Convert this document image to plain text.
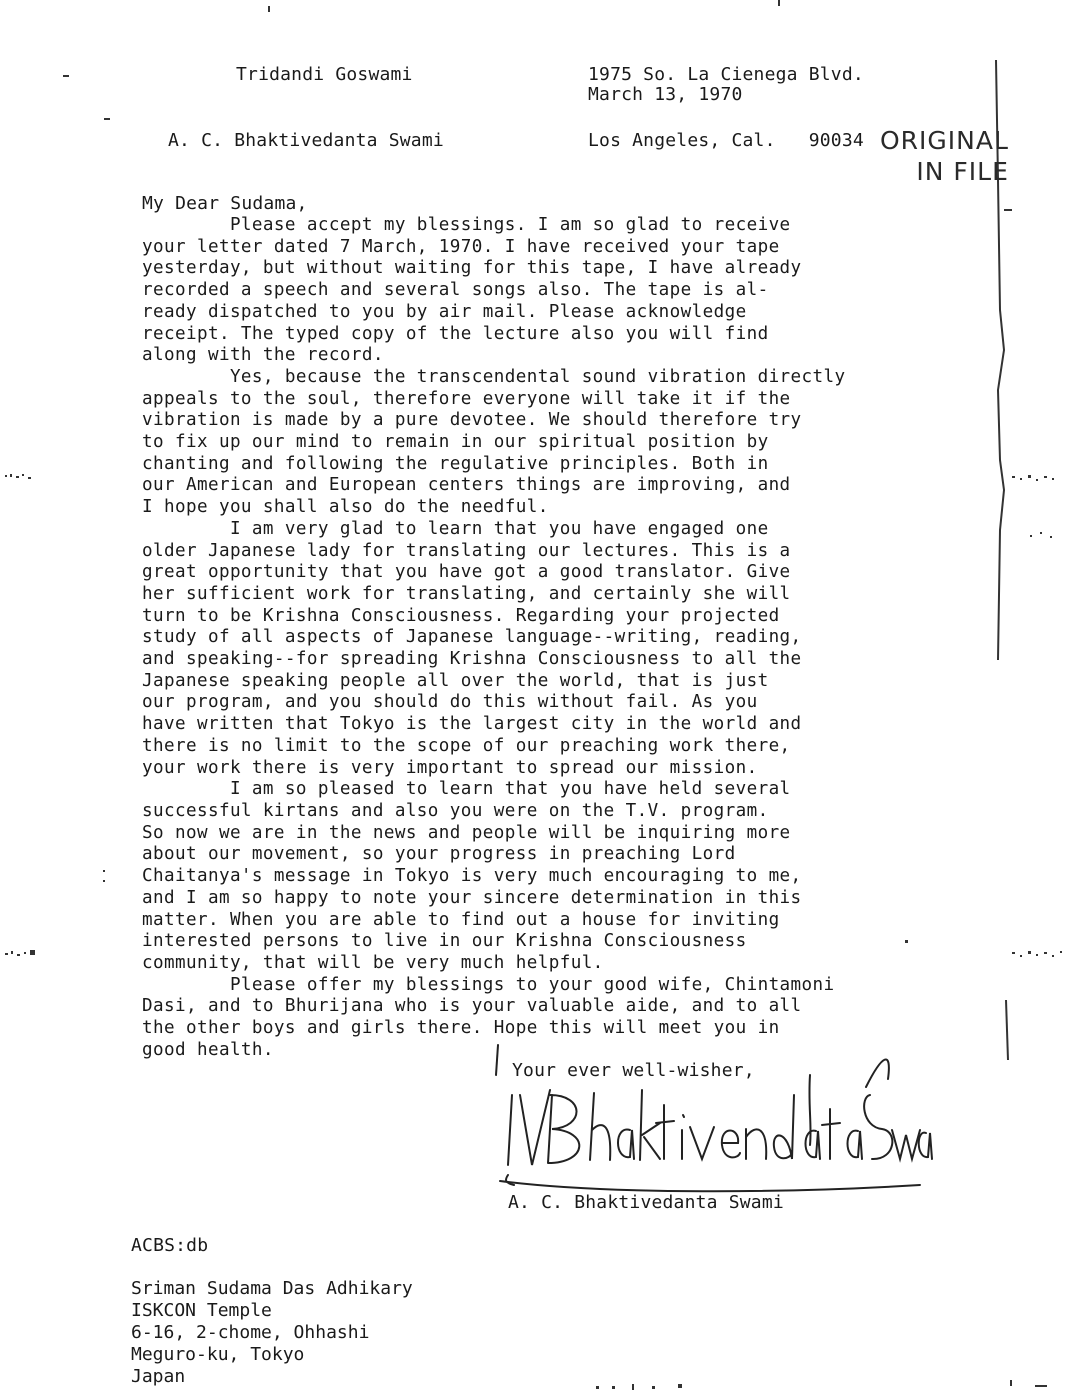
Tridandi Goswami

A. C. Bhaktivedanta Swami

1975 So. La Cienega Blvd.

Los Angeles, Cal.   90034

March 13, 1970
ORIGINAL
IN FILE
My Dear Sudama,
Please accept my blessings. I am so glad to receive
your letter dated 7 March, 1970. I have received your tape
yesterday, but without waiting for this tape, I have already
recorded a speech and several songs also. The tape is al-
ready dispatched to you by air mail. Please acknowledge
receipt. The typed copy of the lecture also you will find
along with the record.
Yes, because the transcendental sound vibration directly
appeals to the soul, therefore everyone will take it if the
vibration is made by a pure devotee. We should therefore try
to fix up our mind to remain in our spiritual position by
chanting and following the regulative principles. Both in
our American and European centers things are improving, and
I hope you shall also do the needful.
I am very glad to learn that you have engaged one
older Japanese lady for translating our lectures. This is a
great opportunity that you have got a good translator. Give
her sufficient work for translating, and certainly she will
turn to be Krishna Consciousness. Regarding your projected
study of all aspects of Japanese language--writing, reading,
and speaking--for spreading Krishna Consciousness to all the
Japanese speaking people all over the world, that is just
our program, and you should do this without fail. As you
have written that Tokyo is the largest city in the world and
there is no limit to the scope of our preaching work there,
your work there is very important to spread our mission.
I am so pleased to learn that you have held several
successful kirtans and also you were on the T.V. program.
So now we are in the news and people will be inquiring more
about our movement, so your progress in preaching Lord
Chaitanya's message in Tokyo is very much encouraging to me,
and I am so happy to note your sincere determination in this
matter. When you are able to find out a house for inviting
interested persons to live in our Krishna Consciousness
community, that will be very much helpful.
Please offer my blessings to your good wife, Chintamoni
Dasi, and to Bhurijana who is your valuable aide, and to all
the other boys and girls there. Hope this will meet you in
good health.
Your ever well-wisher,
A. C. Bhaktivedanta Swami
ACBS:db
Sriman Sudama Das Adhikary
ISKCON Temple
6-16, 2-chome, Ohhashi
Meguro-ku, Tokyo
Japan
